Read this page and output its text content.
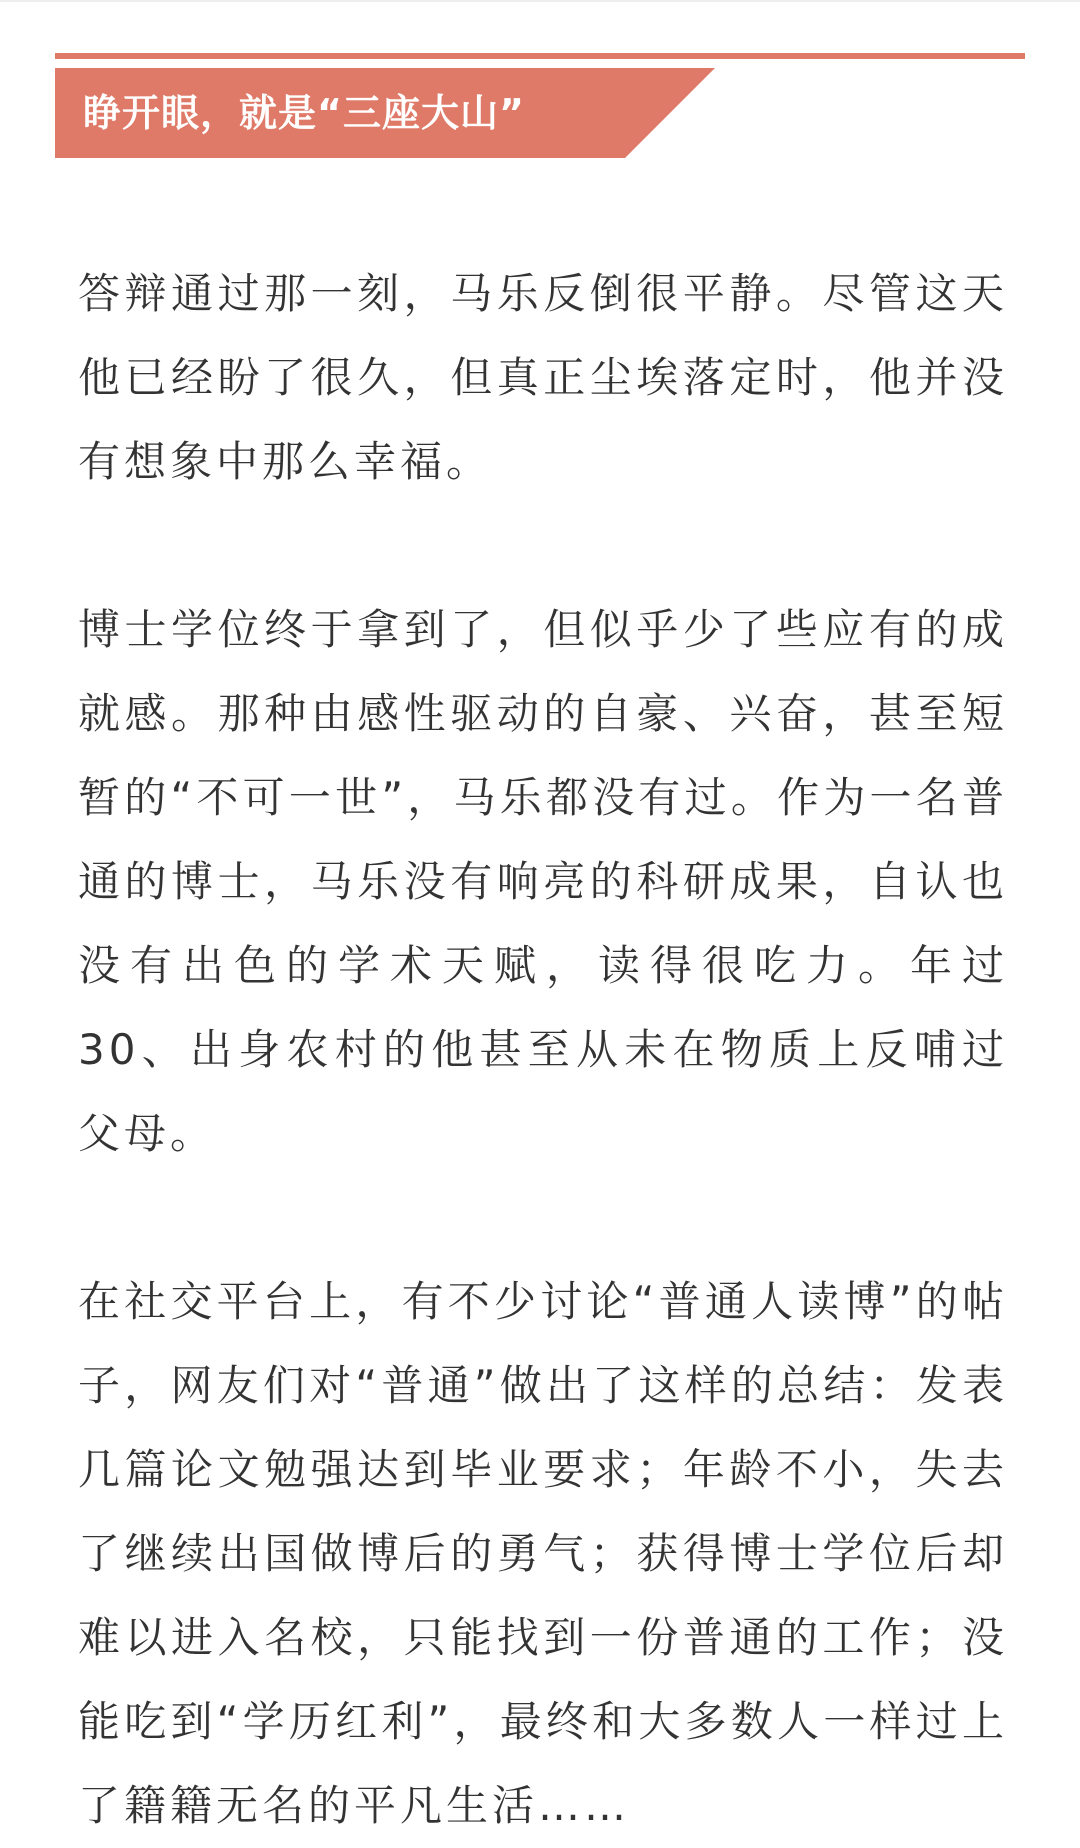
睁开眼，就是“三座大山”

答辩通过那一刻，马乐反倒很平静。尽管这天他已经盼了很久，但真正尘埃落定时，他并没有想象中那么幸福。

博士学位终于拿到了，但似乎少了些应有的成就感。那种由感性驱动的自豪、兴奋，甚至短暂的“不可一世”，马乐都没有过。作为一名普通的博士，马乐没有响亮的科研成果，自认也没有出色的学术天赋，读得很吃力。年过30、出身农村的他甚至从未在物质上反哺过父母。

在社交平台上，有不少讨论“普通人读博”的帖子，网友们对“普通”做出了这样的总结：发表几篇论文勉强达到毕业要求；年龄不小，失去了继续出国做博后的勇气；获得博士学位后却难以进入名校，只能找到一份普通的工作；没能吃到“学历红利”，最终和大多数人一样过上了籍籍无名的平凡生活……
